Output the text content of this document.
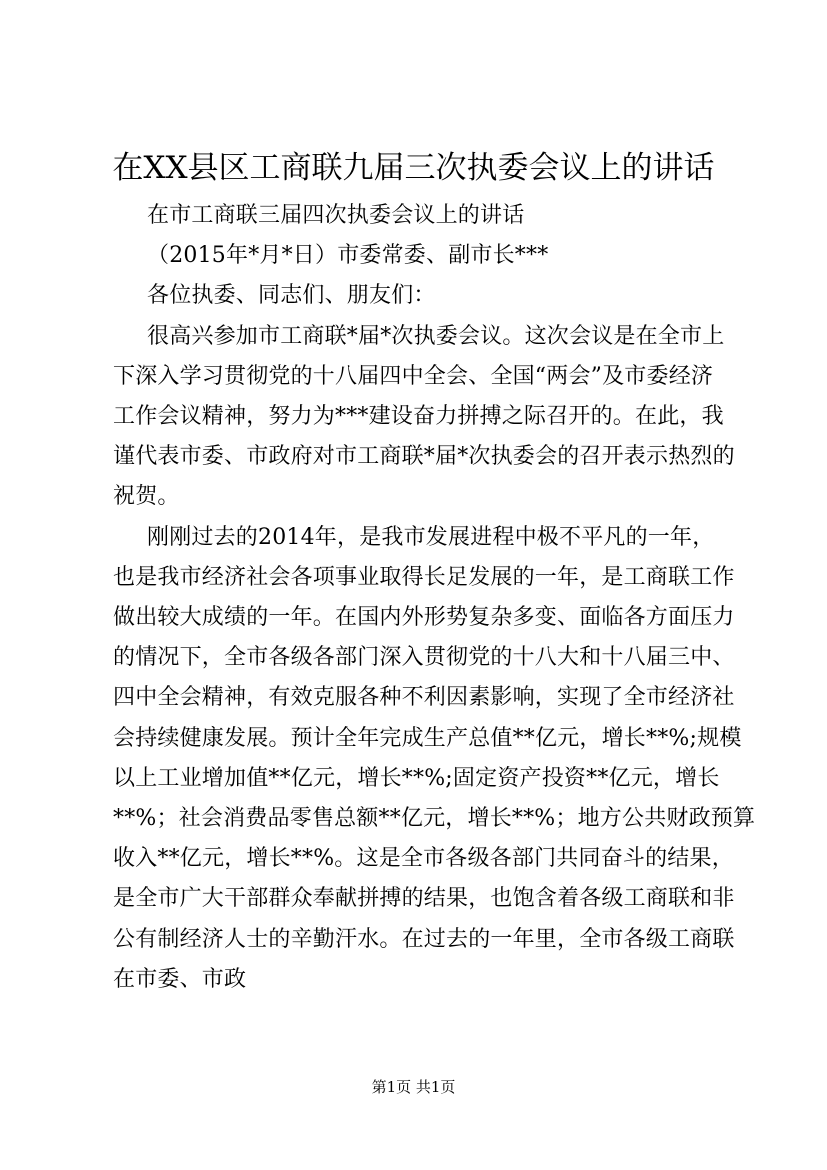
在XX县区工商联九届三次执委会议上的讲话

在市工商联三届四次执委会议上的讲话

（2015年*月*日）市委常委、副市长***

各位执委、同志们、朋友们：

很高兴参加市工商联*届*次执委会议。这次会议是在全市上
下深入学习贯彻党的十八届四中全会、全国“两会”及市委经济
工作会议精神，努力为***建设奋力拼搏之际召开的。在此，我
谨代表市委、市政府对市工商联*届*次执委会的召开表示热烈的
祝贺。

刚刚过去的2014年，是我市发展进程中极不平凡的一年，
也是我市经济社会各项事业取得长足发展的一年，是工商联工作
做出较大成绩的一年。在国内外形势复杂多变、面临各方面压力
的情况下，全市各级各部门深入贯彻党的十八大和十八届三中、
四中全会精神，有效克服各种不利因素影响，实现了全市经济社
会持续健康发展。预计全年完成生产总值**亿元，增长**%;规模
以上工业增加值**亿元，增长**%;固定资产投资**亿元，增长
**%；社会消费品零售总额**亿元，增长**%；地方公共财政预算
收入**亿元，增长**%。这是全市各级各部门共同奋斗的结果，
是全市广大干部群众奉献拼搏的结果，也饱含着各级工商联和非
公有制经济人士的辛勤汗水。在过去的一年里，全市各级工商联
在市委、市政

第1页 共1页
